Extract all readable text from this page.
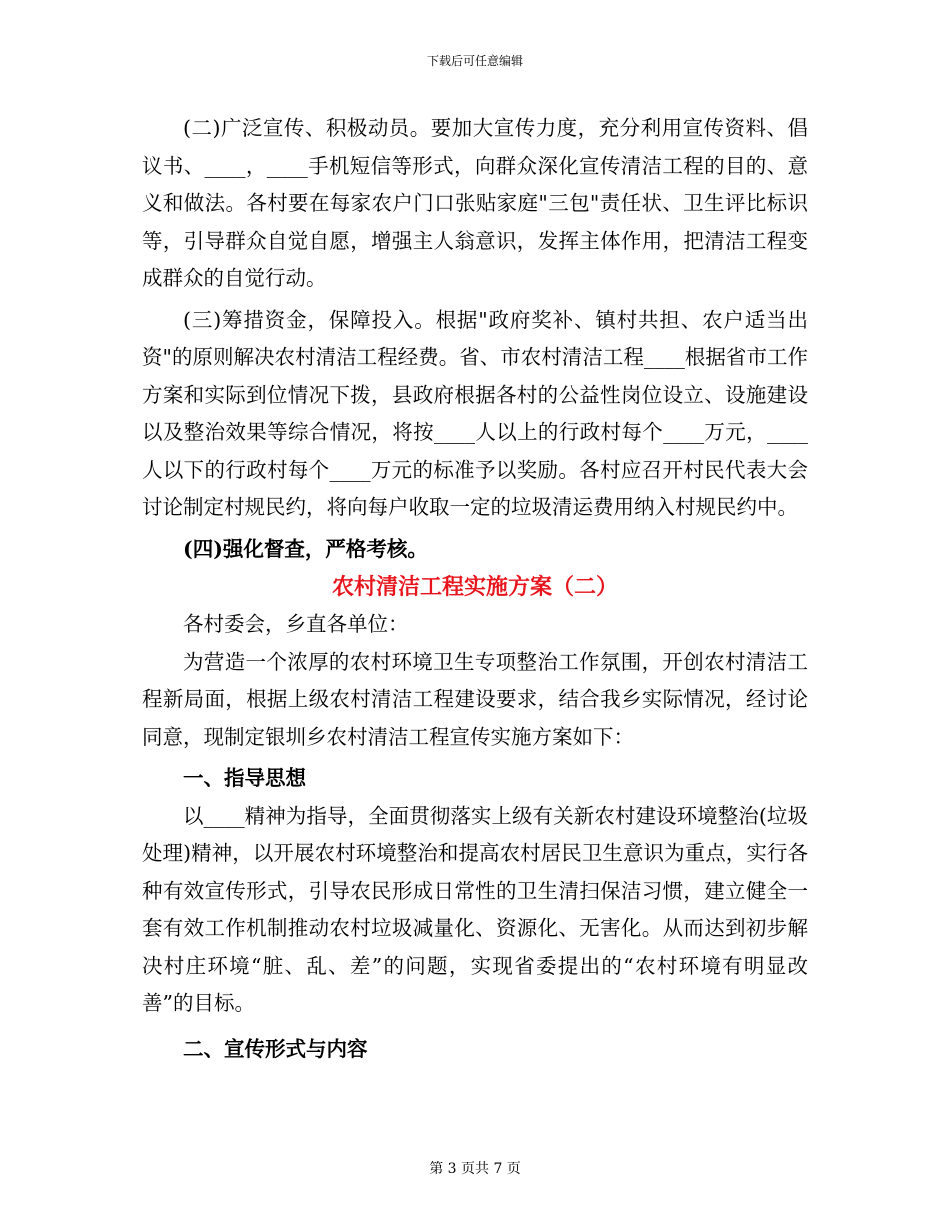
下载后可任意编辑

(二)广泛宣传、积极动员。要加大宣传力度，充分利用宣传资料、倡议书、____，____手机短信等形式，向群众深化宣传清洁工程的目的、意义和做法。各村要在每家农户门口张贴家庭"三包"责任状、卫生评比标识等，引导群众自觉自愿，增强主人翁意识，发挥主体作用，把清洁工程变成群众的自觉行动。

(三)筹措资金，保障投入。根据"政府奖补、镇村共担、农户适当出资"的原则解决农村清洁工程经费。省、市农村清洁工程____根据省市工作方案和实际到位情况下拨，县政府根据各村的公益性岗位设立、设施建设以及整治效果等综合情况，将按____人以上的行政村每个____万元，____人以下的行政村每个____万元的标准予以奖励。各村应召开村民代表大会讨论制定村规民约，将向每户收取一定的垃圾清运费用纳入村规民约中。

(四)强化督查，严格考核。

农村清洁工程实施方案（二）

各村委会，乡直各单位：

为营造一个浓厚的农村环境卫生专项整治工作氛围，开创农村清洁工程新局面，根据上级农村清洁工程建设要求，结合我乡实际情况，经讨论同意，现制定银圳乡农村清洁工程宣传实施方案如下：

一、指导思想

以____精神为指导，全面贯彻落实上级有关新农村建设环境整治(垃圾处理)精神，以开展农村环境整治和提高农村居民卫生意识为重点，实行各种有效宣传形式，引导农民形成日常性的卫生清扫保洁习惯，建立健全一套有效工作机制推动农村垃圾减量化、资源化、无害化。从而达到初步解决村庄环境“脏、乱、差”的问题，实现省委提出的“农村环境有明显改善”的目标。

二、宣传形式与内容

第 3 页共 7 页
